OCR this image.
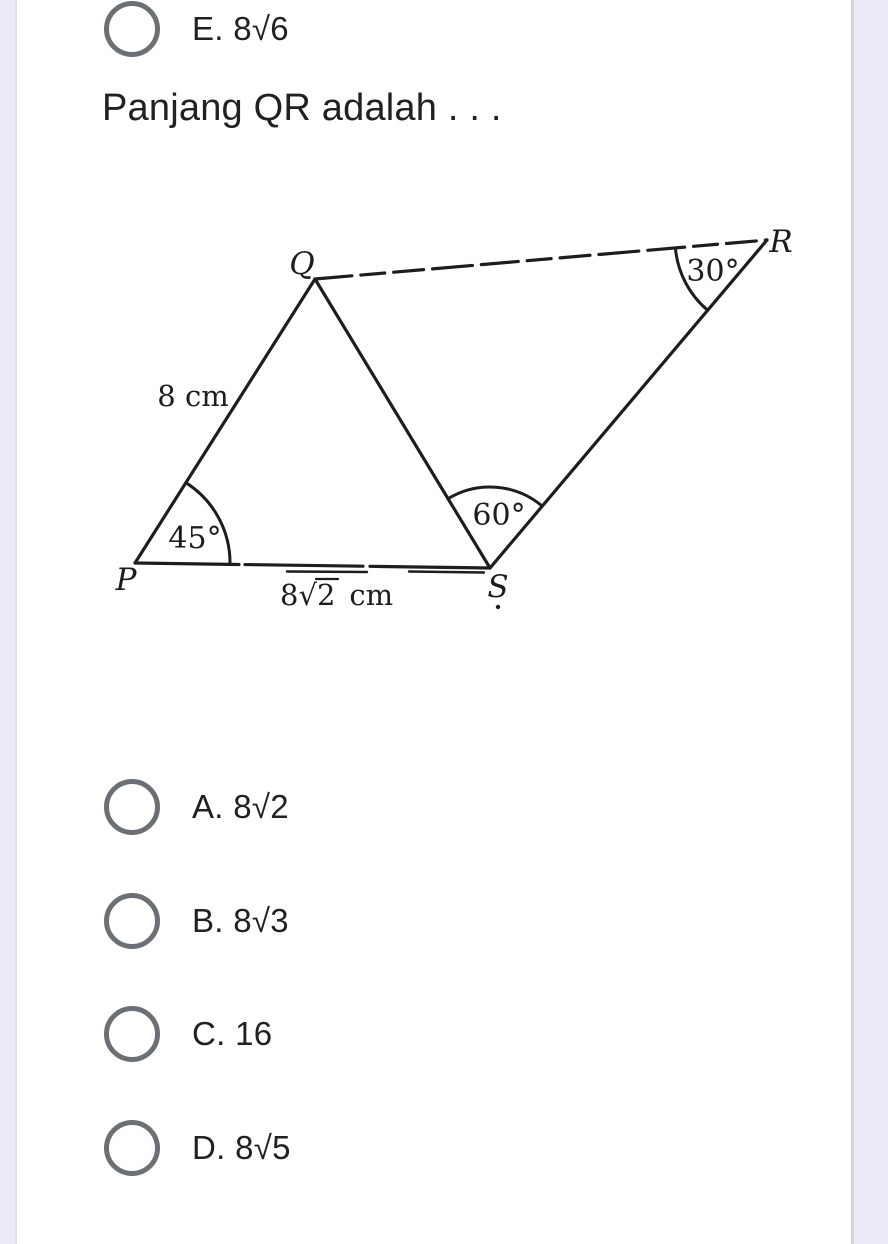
Panjang QR adalah . . .
Q
R
P	S
45°
60°
30°
8 cm
8√2 cm
A. 8√2
B. 8√3
C. 16
D. 8√5
E. 8√6
